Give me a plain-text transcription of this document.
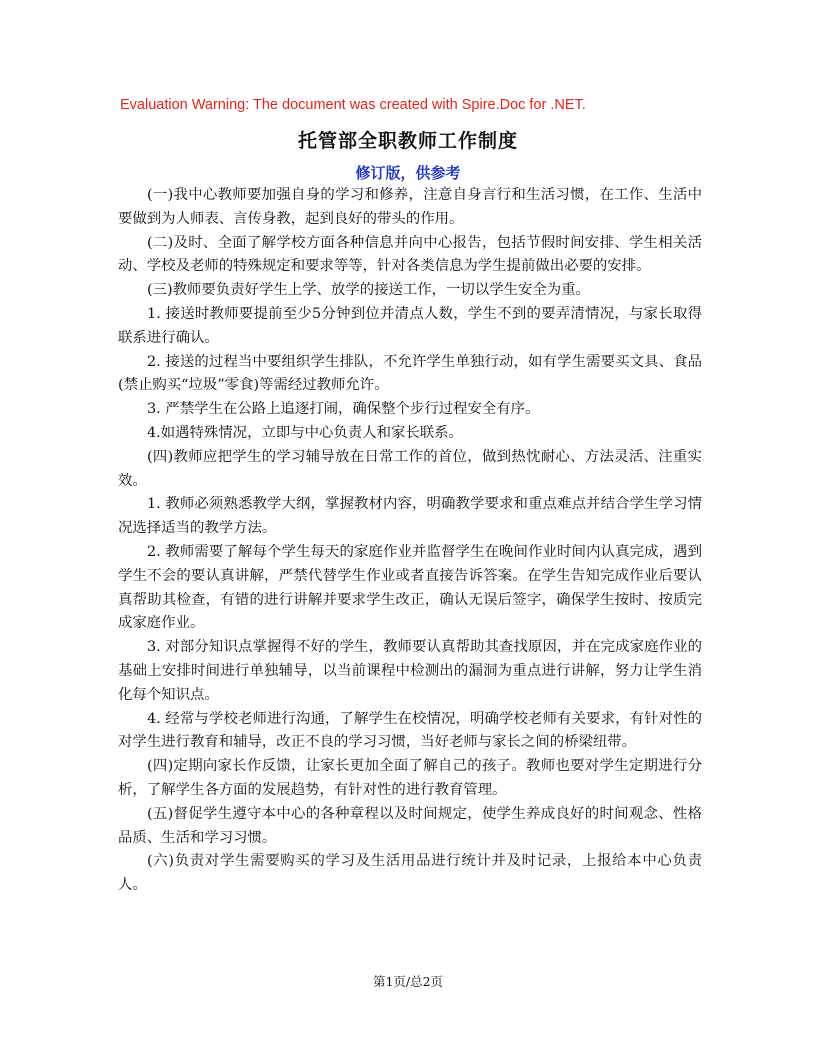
Evaluation Warning: The document was created with Spire.Doc for .NET.
托管部全职教师工作制度
修订版，供参考

(一)我中心教师要加强自身的学习和修养，注意自身言行和生活习惯，在工作、生活中要做到为人师表、言传身教，起到良好的带头的作用。

(二)及时、全面了解学校方面各种信息并向中心报告，包括节假时间安排、学生相关活动、学校及老师的特殊规定和要求等等，针对各类信息为学生提前做出必要的安排。

(三)教师要负责好学生上学、放学的接送工作，一切以学生安全为重。

1. 接送时教师要提前至少5分钟到位并清点人数，学生不到的要弄清情况，与家长取得联系进行确认。

2. 接送的过程当中要组织学生排队，不允许学生单独行动，如有学生需要买文具、食品(禁止购买“垃圾”零食)等需经过教师允许。

3. 严禁学生在公路上追逐打闹，确保整个步行过程安全有序。

4.如遇特殊情况，立即与中心负责人和家长联系。

(四)教师应把学生的学习辅导放在日常工作的首位，做到热忱耐心、方法灵活、注重实效。

1. 教师必须熟悉教学大纲，掌握教材内容，明确教学要求和重点难点并结合学生学习情况选择适当的教学方法。

2. 教师需要了解每个学生每天的家庭作业并监督学生在晚间作业时间内认真完成，遇到学生不会的要认真讲解，严禁代替学生作业或者直接告诉答案。在学生告知完成作业后要认真帮助其检查，有错的进行讲解并要求学生改正，确认无误后签字，确保学生按时、按质完成家庭作业。

3. 对部分知识点掌握得不好的学生，教师要认真帮助其查找原因，并在完成家庭作业的基础上安排时间进行单独辅导，以当前课程中检测出的漏洞为重点进行讲解，努力让学生消化每个知识点。

4. 经常与学校老师进行沟通，了解学生在校情况，明确学校老师有关要求，有针对性的对学生进行教育和辅导，改正不良的学习习惯，当好老师与家长之间的桥梁纽带。

(四)定期向家长作反馈，让家长更加全面了解自己的孩子。教师也要对学生定期进行分析，了解学生各方面的发展趋势，有针对性的进行教育管理。

(五)督促学生遵守本中心的各种章程以及时间规定，使学生养成良好的时间观念、性格品质、生活和学习习惯。

(六)负责对学生需要购买的学习及生活用品进行统计并及时记录，上报给本中心负责人。

第1页/总2页
